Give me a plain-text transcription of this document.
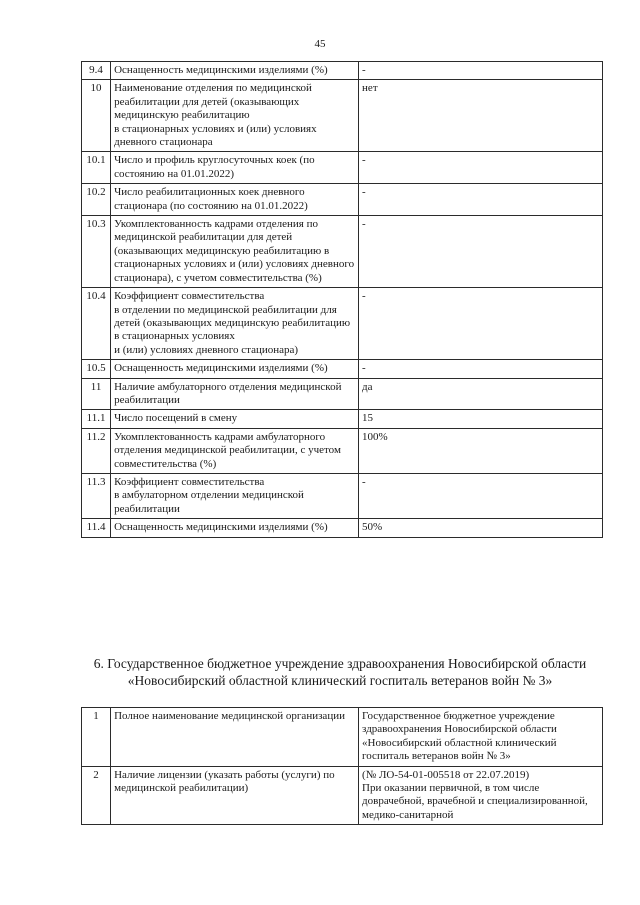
45
9.4	Оснащенность медицинскими изделиями (%)	-
10	Наименование отделения по медицинской реабилитации для детей (оказывающих медицинскую реабилитацию
в стационарных условиях и (или) условиях дневного стационара	нет
10.1	Число и профиль круглосуточных коек (по состоянию на 01.01.2022)	-
10.2	Число реабилитационных коек дневного стационара (по состоянию на 01.01.2022)	-
10.3	Укомплектованность кадрами отделения по медицинской реабилитации для детей (оказывающих медицинскую реабилитацию в стационарных условиях и (или) условиях дневного стационара), с учетом совместительства (%)	-
10.4	Коэффициент совместительства
в отделении по медицинской реабилитации для детей (оказывающих медицинскую реабилитацию в стационарных условиях
и (или) условиях дневного стационара)	-
10.5	Оснащенность медицинскими изделиями (%)	-
11	Наличие амбулаторного отделения медицинской реабилитации	да
11.1	Число посещений в смену	15
11.2	Укомплектованность кадрами амбулаторного отделения медицинской реабилитации, с учетом совместительства (%)	100%
11.3	Коэффициент совместительства
в амбулаторном отделении медицинской реабилитации	-
11.4	Оснащенность медицинскими изделиями (%)	50%
6. Государственное бюджетное учреждение здравоохранения Новосибирской области «Новосибирский областной клинический госпиталь ветеранов войн № 3»
1	Полное наименование медицинской организации	Государственное бюджетное учреждение здравоохранения Новосибирской области «Новосибирский областной клинический госпиталь ветеранов войн № 3»
2	Наличие лицензии (указать работы (услуги) по медицинской реабилитации)	(№ ЛО-54-01-005518 от 22.07.2019)
При оказании первичной, в том числе доврачебной, врачебной и специализированной, медико-санитарной
